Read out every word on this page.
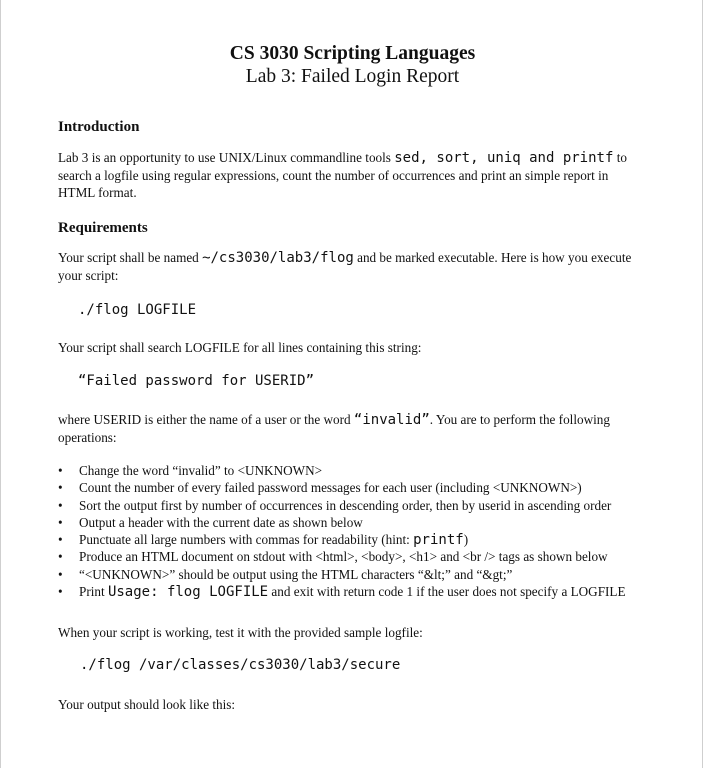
CS 3030 Scripting Languages
Lab 3: Failed Login Report
Introduction
Lab 3 is an opportunity to use UNIX/Linux commandline tools sed, sort, uniq and printf to search a logfile using regular expressions, count the number of occurrences and print an simple report in HTML format.
Requirements
Your script shall be named ~/cs3030/lab3/flog and be marked executable. Here is how you execute your script:
./flog LOGFILE
Your script shall search LOGFILE for all lines containing this string:
“Failed password for USERID”
where USERID is either the name of a user or the word “invalid”. You are to perform the following operations:
• Change the word “invalid” to <UNKNOWN>
• Count the number of every failed password messages for each user (including <UNKNOWN>)
• Sort the output first by number of occurrences in descending order, then by userid in ascending order
• Output a header with the current date as shown below
• Punctuate all large numbers with commas for readability (hint: printf)
• Produce an HTML document on stdout with <html>, <body>, <h1> and <br /> tags as shown below
• “<UNKNOWN>” should be output using the HTML characters “&lt;” and “&gt;”
• Print Usage: flog LOGFILE and exit with return code 1 if the user does not specify a LOGFILE
When your script is working, test it with the provided sample logfile:
./flog /var/classes/cs3030/lab3/secure
Your output should look like this:
